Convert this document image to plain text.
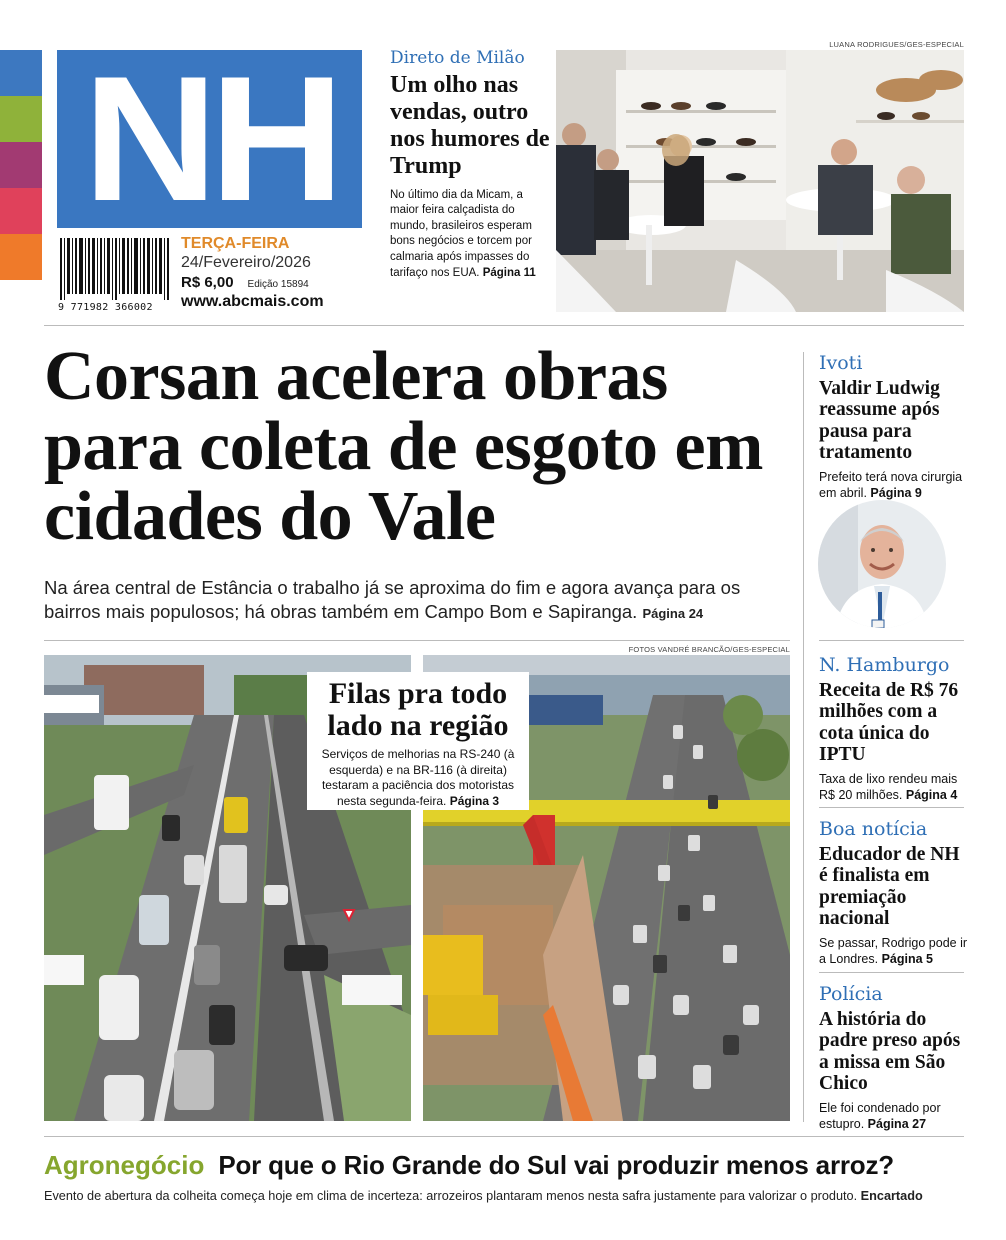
NH
9 771982 366002
TERÇA-FEIRA
24/Fevereiro/2026
R$ 6,00 Edição 15894
www.abcmais.com
Direto de Milão
Um olho nas vendas, outro nos humores de Trump
No último dia da Micam, a maior feira calçadista do mundo, brasileiros esperam bons negócios e torcem por calmaria após impasses do tarifaço nos EUA. Página 11
LUANA RODRIGUES/GES-ESPECIAL
Corsan acelera obras para coleta de esgoto em cidades do Vale
Na área central de Estância o trabalho já se aproxima do fim e agora avança para os bairros mais populosos; há obras também em Campo Bom e Sapiranga. Página 24
FOTOS VANDRÉ BRANCÃO/GES-ESPECIAL
Filas pra todo lado na região
Serviços de melhorias na RS-240 (à esquerda) e na BR-116 (à direita) testaram a paciência dos motoristas nesta segunda-feira. Página 3
Ivoti
Valdir Ludwig reassume após pausa para tratamento
Prefeito terá nova cirurgia em abril. Página 9
N. Hamburgo
Receita de R$ 76 milhões com a cota única do IPTU
Taxa de lixo rendeu mais R$ 20 milhões. Página 4
Boa notícia
Educador de NH é finalista em premiação nacional
Se passar, Rodrigo pode ir a Londres. Página 5
Polícia
A história do padre preso após a missa em São Chico
Ele foi condenado por estupro. Página 27
Agronegócio Por que o Rio Grande do Sul vai produzir menos arroz?
Evento de abertura da colheita começa hoje em clima de incerteza: arrozeiros plantaram menos nesta safra justamente para valorizar o produto. Encartado
